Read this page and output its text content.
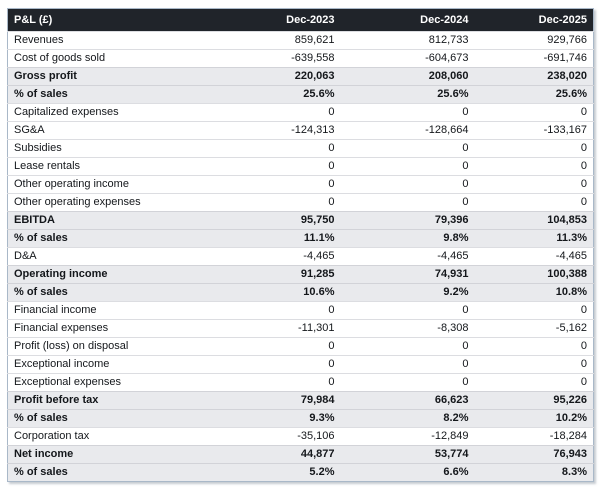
P&L (£)	Dec-2023	Dec-2024	Dec-2025
Revenues	859,621	812,733	929,766
Cost of goods sold	-639,558	-604,673	-691,746
Gross profit	220,063	208,060	238,020
% of sales	25.6%	25.6%	25.6%
Capitalized expenses	0	0	0
SG&A	-124,313	-128,664	-133,167
Subsidies	0	0	0
Lease rentals	0	0	0
Other operating income	0	0	0
Other operating expenses	0	0	0
EBITDA	95,750	79,396	104,853
% of sales	11.1%	9.8%	11.3%
D&A	-4,465	-4,465	-4,465
Operating income	91,285	74,931	100,388
% of sales	10.6%	9.2%	10.8%
Financial income	0	0	0
Financial expenses	-11,301	-8,308	-5,162
Profit (loss) on disposal	0	0	0
Exceptional income	0	0	0
Exceptional expenses	0	0	0
Profit before tax	79,984	66,623	95,226
% of sales	9.3%	8.2%	10.2%
Corporation tax	-35,106	-12,849	-18,284
Net income	44,877	53,774	76,943
% of sales	5.2%	6.6%	8.3%
